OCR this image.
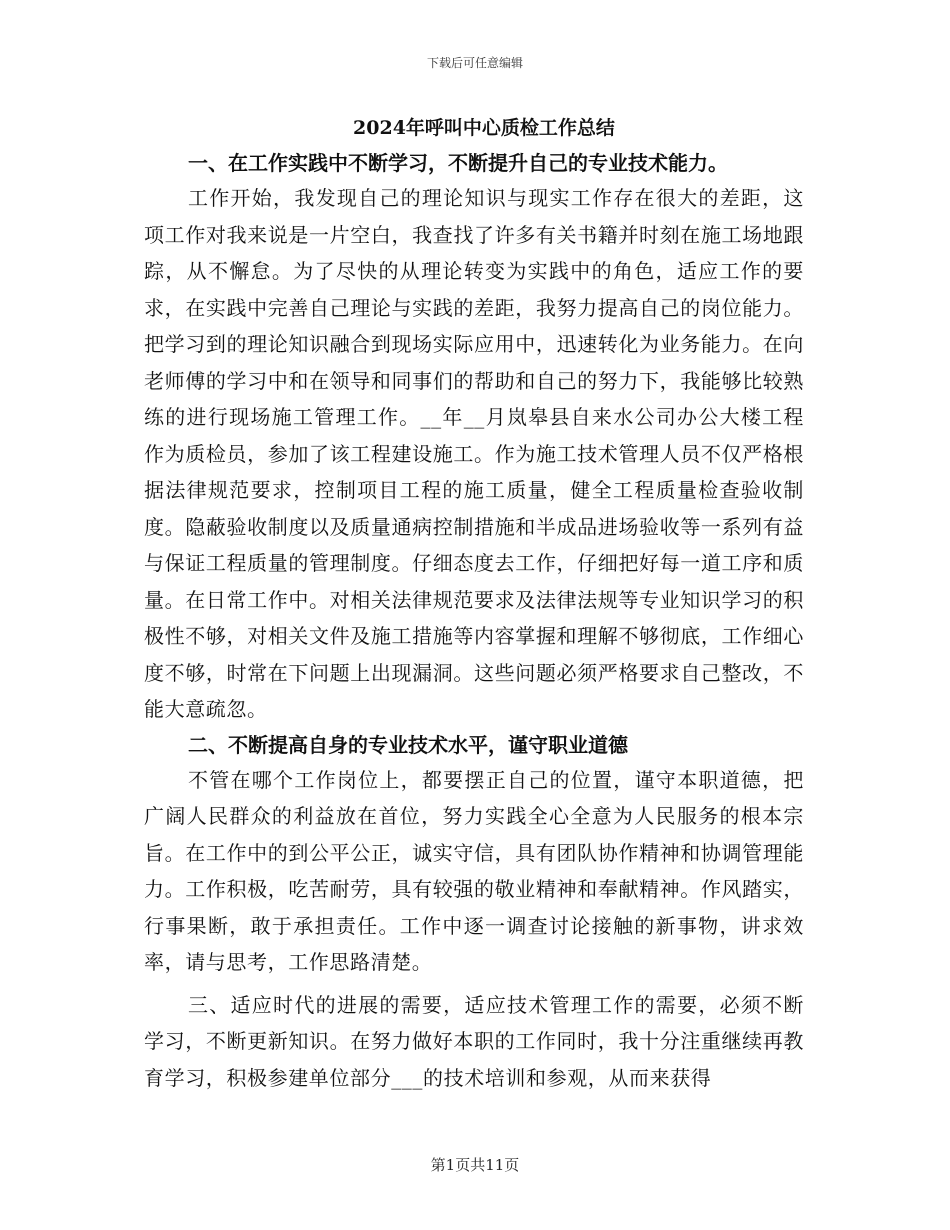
下载后可任意编辑
2024年呼叫中心质检工作总结

一、在工作实践中不断学习，不断提升自己的专业技术能力。

工作开始，我发现自己的理论知识与现实工作存在很大的差距，这项工作对我来说是一片空白，我查找了许多有关书籍并时刻在施工场地跟踪，从不懈怠。为了尽快的从理论转变为实践中的角色，适应工作的要求，在实践中完善自己理论与实践的差距，我努力提高自己的岗位能力。把学习到的理论知识融合到现场实际应用中，迅速转化为业务能力。在向老师傅的学习中和在领导和同事们的帮助和自己的努力下，我能够比较熟练的进行现场施工管理工作。__年__月岚皋县自来水公司办公大楼工程作为质检员，参加了该工程建设施工。作为施工技术管理人员不仅严格根据法律规范要求，控制项目工程的施工质量，健全工程质量检查验收制度。隐蔽验收制度以及质量通病控制措施和半成品进场验收等一系列有益与保证工程质量的管理制度。仔细态度去工作，仔细把好每一道工序和质量。在日常工作中。对相关法律规范要求及法律法规等专业知识学习的积极性不够，对相关文件及施工措施等内容掌握和理解不够彻底，工作细心度不够，时常在下问题上出现漏洞。这些问题必须严格要求自己整改，不能大意疏忽。

二、不断提高自身的专业技术水平，谨守职业道德

不管在哪个工作岗位上，都要摆正自己的位置，谨守本职道德，把广阔人民群众的利益放在首位，努力实践全心全意为人民服务的根本宗旨。在工作中的到公平公正，诚实守信，具有团队协作精神和协调管理能力。工作积极，吃苦耐劳，具有较强的敬业精神和奉献精神。作风踏实，行事果断，敢于承担责任。工作中逐一调查讨论接触的新事物，讲求效率，请与思考，工作思路清楚。

三、适应时代的进展的需要，适应技术管理工作的需要，必须不断学习，不断更新知识。在努力做好本职的工作同时，我十分注重继续再教育学习，积极参建单位部分___的技术培训和参观，从而来获得

第1页共11页
